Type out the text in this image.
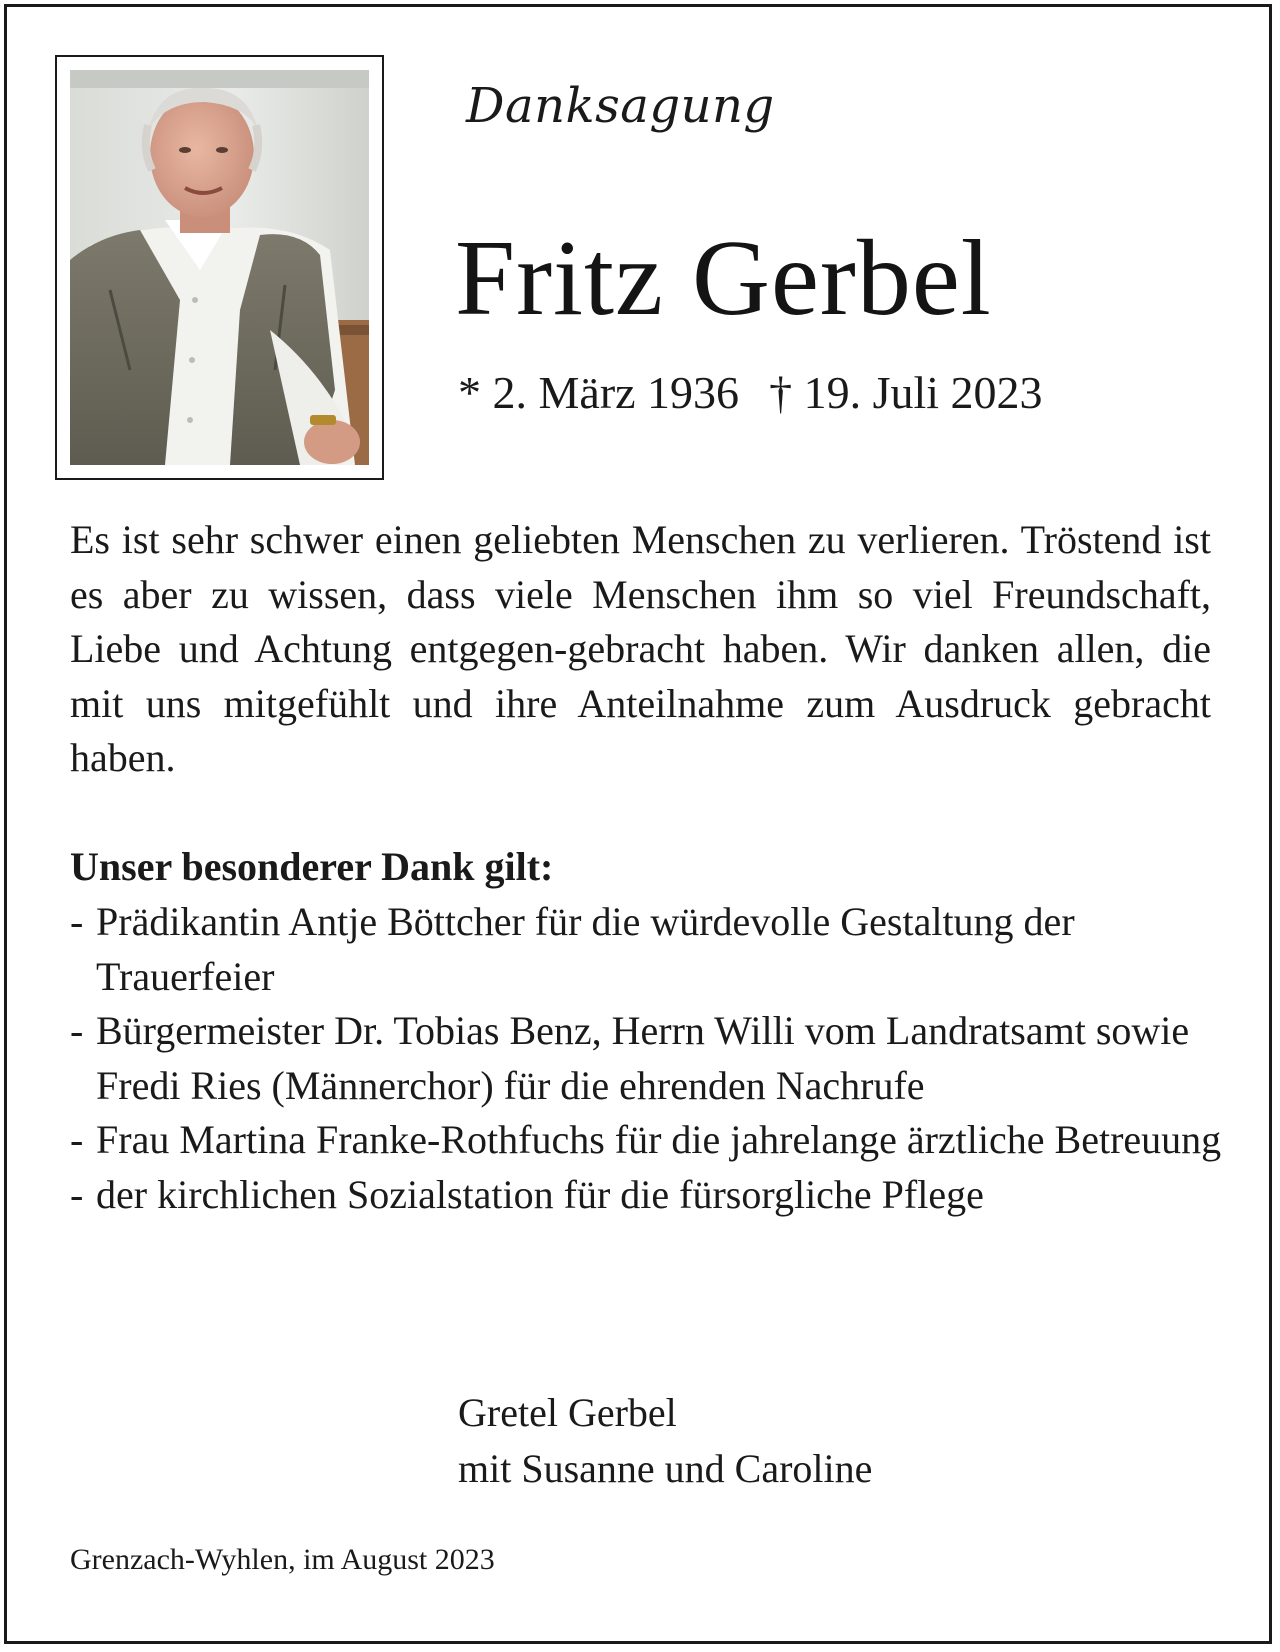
Danksagung
Fritz Gerbel
* 2. März 1936 † 19. Juli 2023

Es ist sehr schwer einen geliebten Menschen zu verlieren. Tröstend ist es aber zu wissen, dass viele Menschen ihm so viel Freundschaft, Liebe und Achtung entgegen-gebracht haben. Wir danken allen, die mit uns mitgefühlt und ihre Anteilnahme zum Ausdruck gebracht haben.

Unser besonderer Dank gilt:

- Prädikantin Antje Böttcher für die würdevolle Gestaltung der Trauerfeier
- Bürgermeister Dr. Tobias Benz, Herrn Willi vom Landratsamt sowie Fredi Ries (Männerchor) für die ehrenden Nachrufe
- Frau Martina Franke-Rothfuchs für die jahrelange ärztliche Betreuung
- der kirchlichen Sozialstation für die fürsorgliche Pflege
Gretel Gerbel
mit Susanne und Caroline
Grenzach-Wyhlen, im August 2023
